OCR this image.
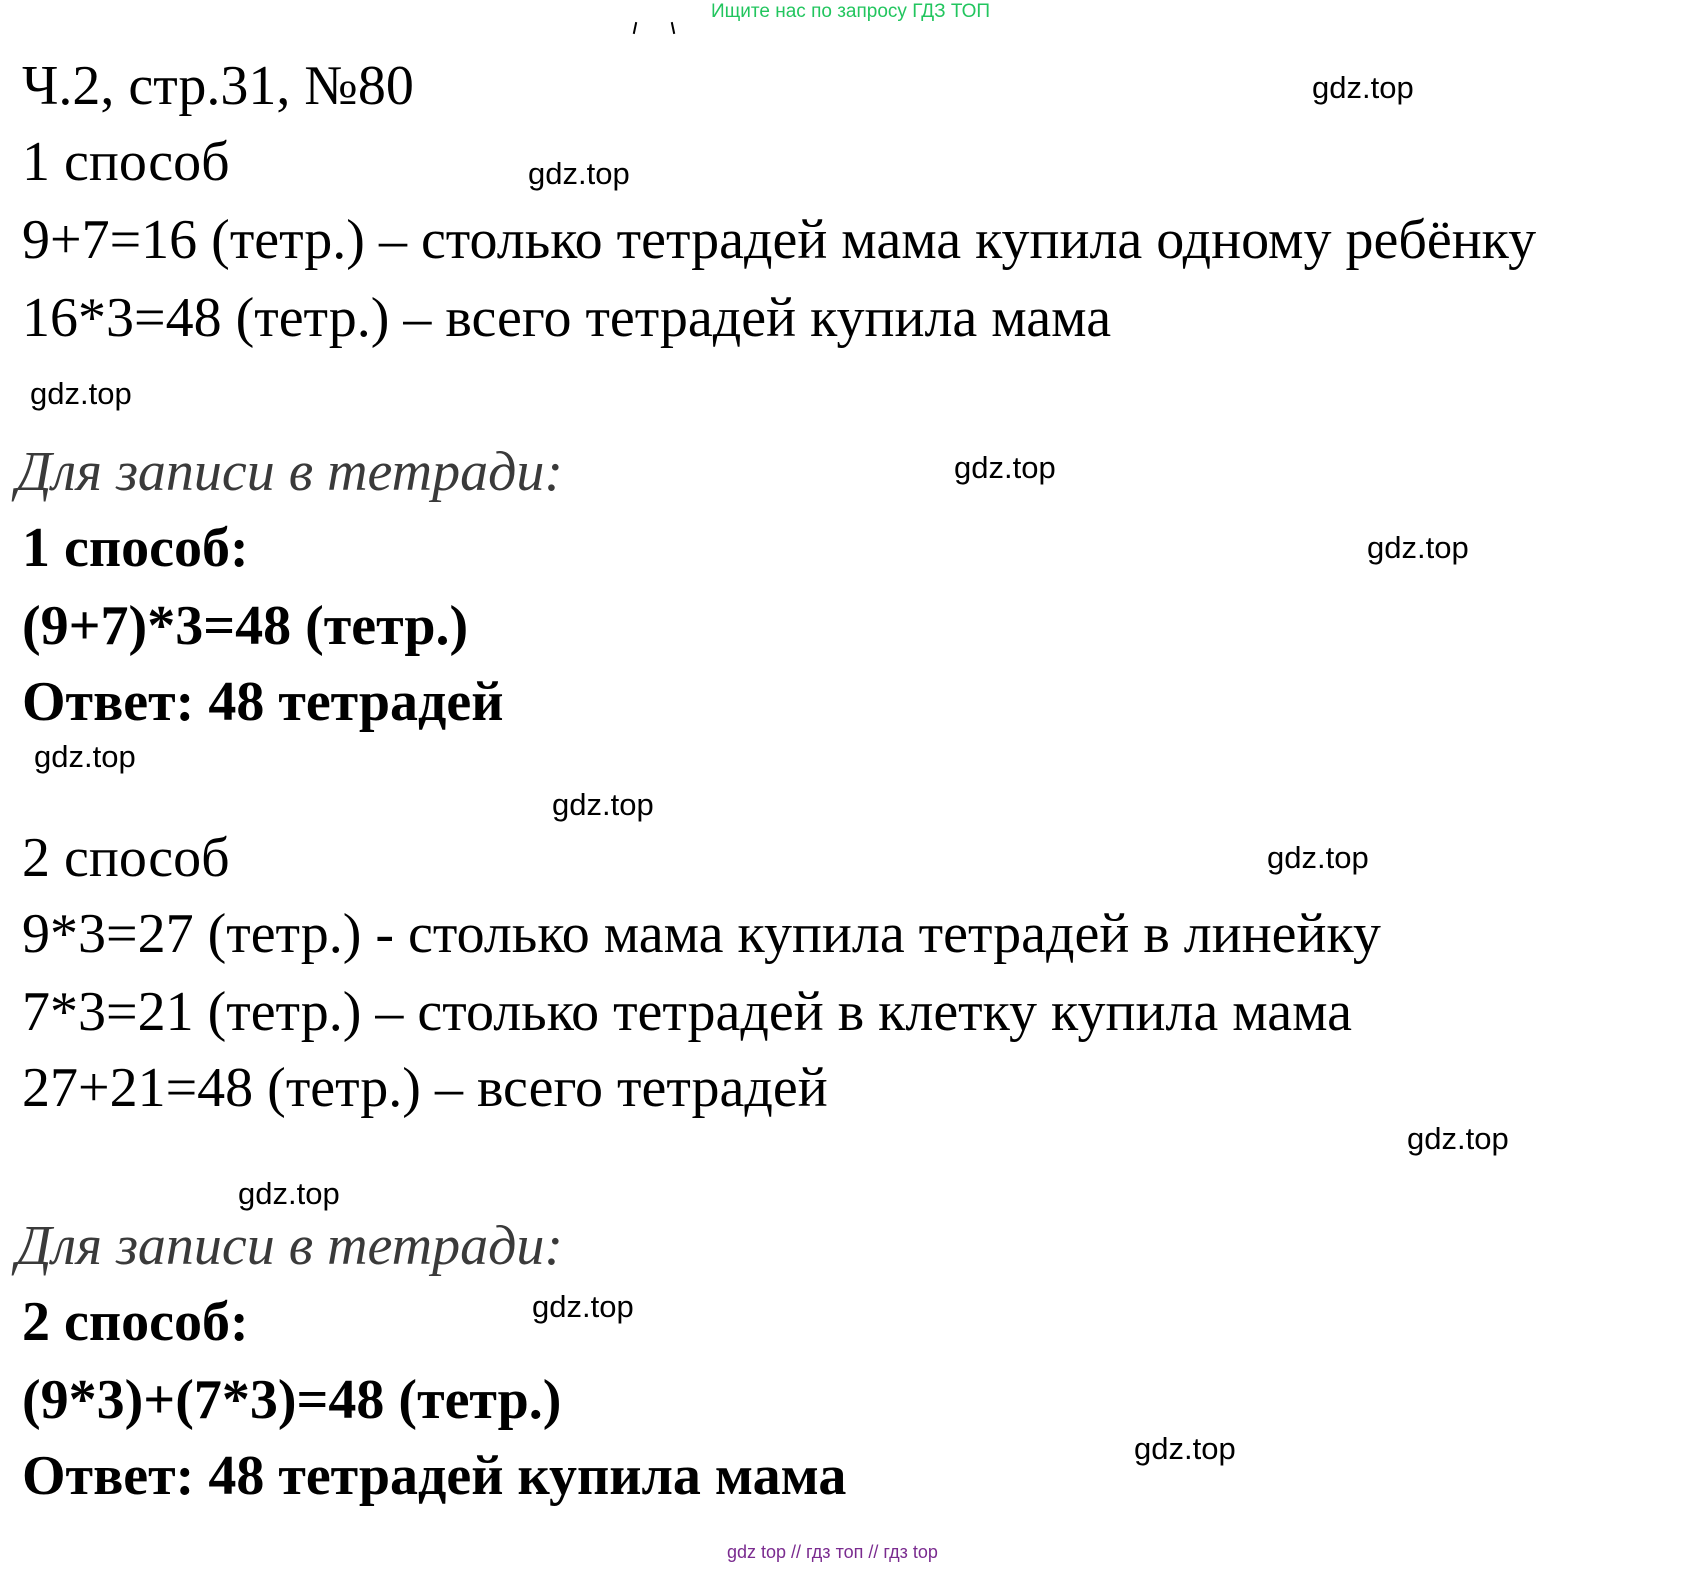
Ищите нас по запросу ГДЗ ТОП
Ч.2, стр.31, №80
1 способ
9+7=16 (тетр.) – столько тетрадей мама купила одному ребёнку
16*3=48 (тетр.) – всего тетрадей купила мама
Для записи в тетради:
1 способ:
(9+7)*3=48 (тетр.)
Ответ: 48 тетрадей
2 способ
9*3=27 (тетр.) - столько мама купила тетрадей в линейку
7*3=21 (тетр.) – столько тетрадей в клетку купила мама
27+21=48 (тетр.) – всего тетрадей
Для записи в тетради:
2 способ:
(9*3)+(7*3)=48 (тетр.)
Ответ: 48 тетрадей купила мама
gdz.top
gdz.top
gdz.top
gdz.top
gdz.top
gdz.top
gdz.top
gdz.top
gdz.top
gdz.top
gdz.top
gdz.top
gdz top // гдз топ // гдз top
